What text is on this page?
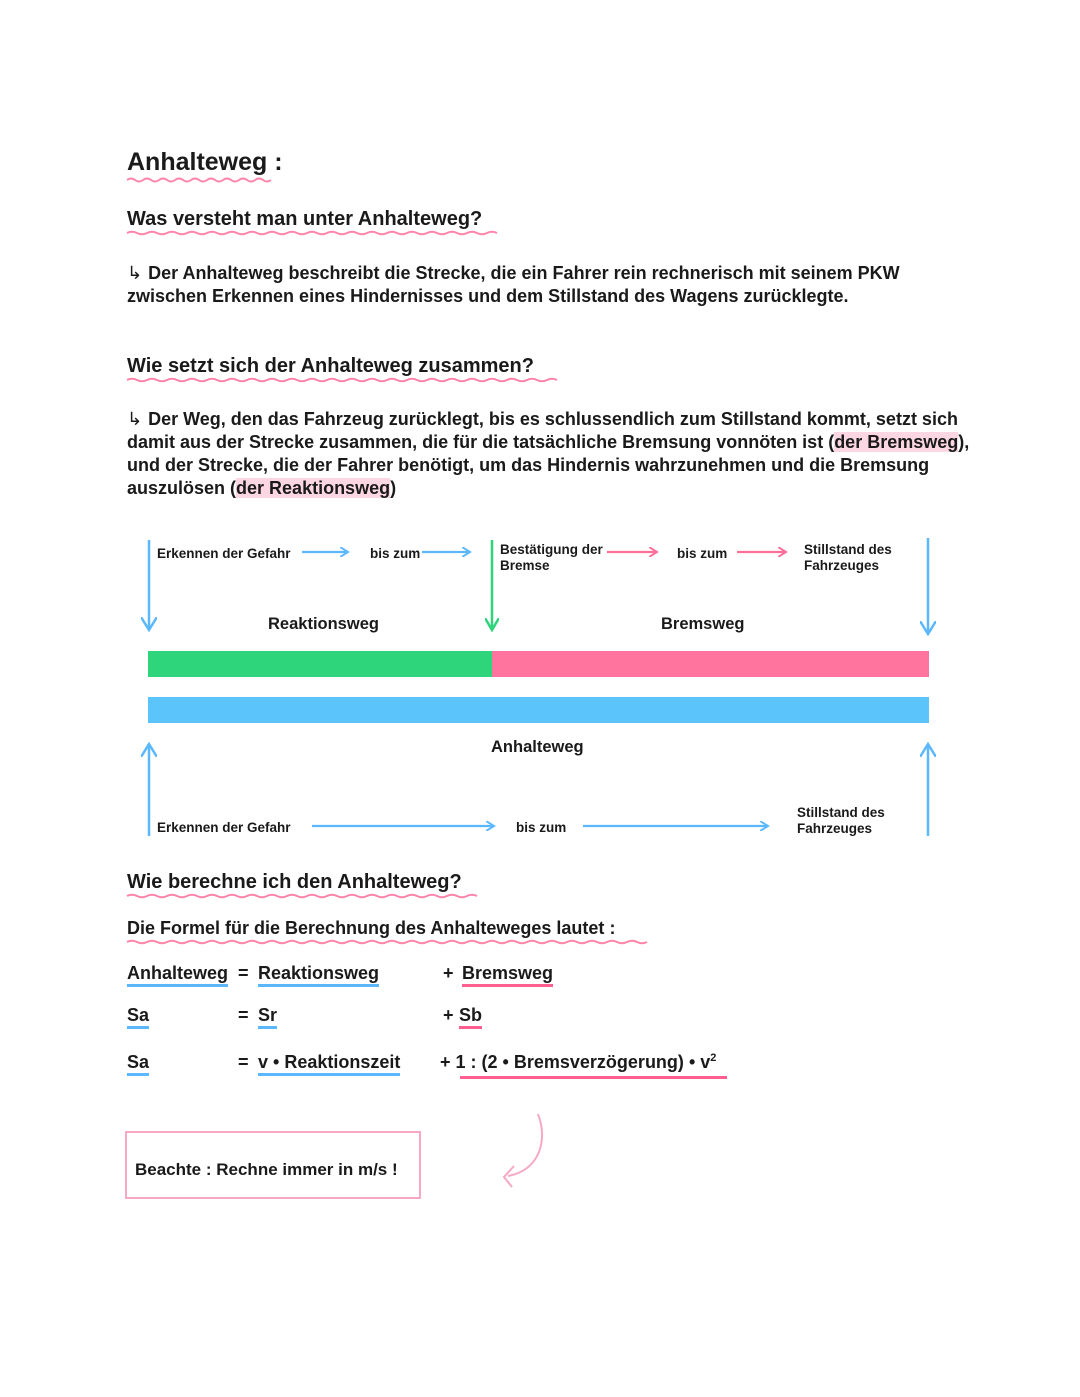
Anhalteweg :
Was versteht man unter Anhalteweg?
↳ Der Anhalteweg beschreibt die Strecke, die ein Fahrer rein rechnerisch mit seinem PKW zwischen Erkennen eines Hindernisses und dem Stillstand des Wagens zurücklegte.
Wie setzt sich der Anhalteweg zusammen?
↳ Der Weg, den das Fahrzeug zurücklegt, bis es schlussendlich zum Stillstand kommt, setzt sich damit aus der Strecke zusammen, die für die tatsächliche Bremsung vonnöten ist (der Bremsweg), und der Strecke, die der Fahrer benötigt, um das Hindernis wahrzunehmen und die Bremsung auszulösen (der Reaktionsweg)
Erkennen der Gefahr	bis zum	Bestätigung der Bremse
bis zum	Stillstand des Fahrzeuges
Reaktionsweg	Bremsweg
Anhalteweg
Erkennen der Gefahr	bis zum
Stillstand des Fahrzeuges
Wie berechne ich den Anhalteweg?
Die Formel für die Berechnung des Anhalteweges lautet :
Anhalteweg = Reaktionsweg	+ Bremsweg
Sa	= Sr	+ Sb
Sa	= v • Reaktionszeit + 1 : (2 • Bremsverzögerung) • $v^2$
Beachte : Rechne immer in m/s !
